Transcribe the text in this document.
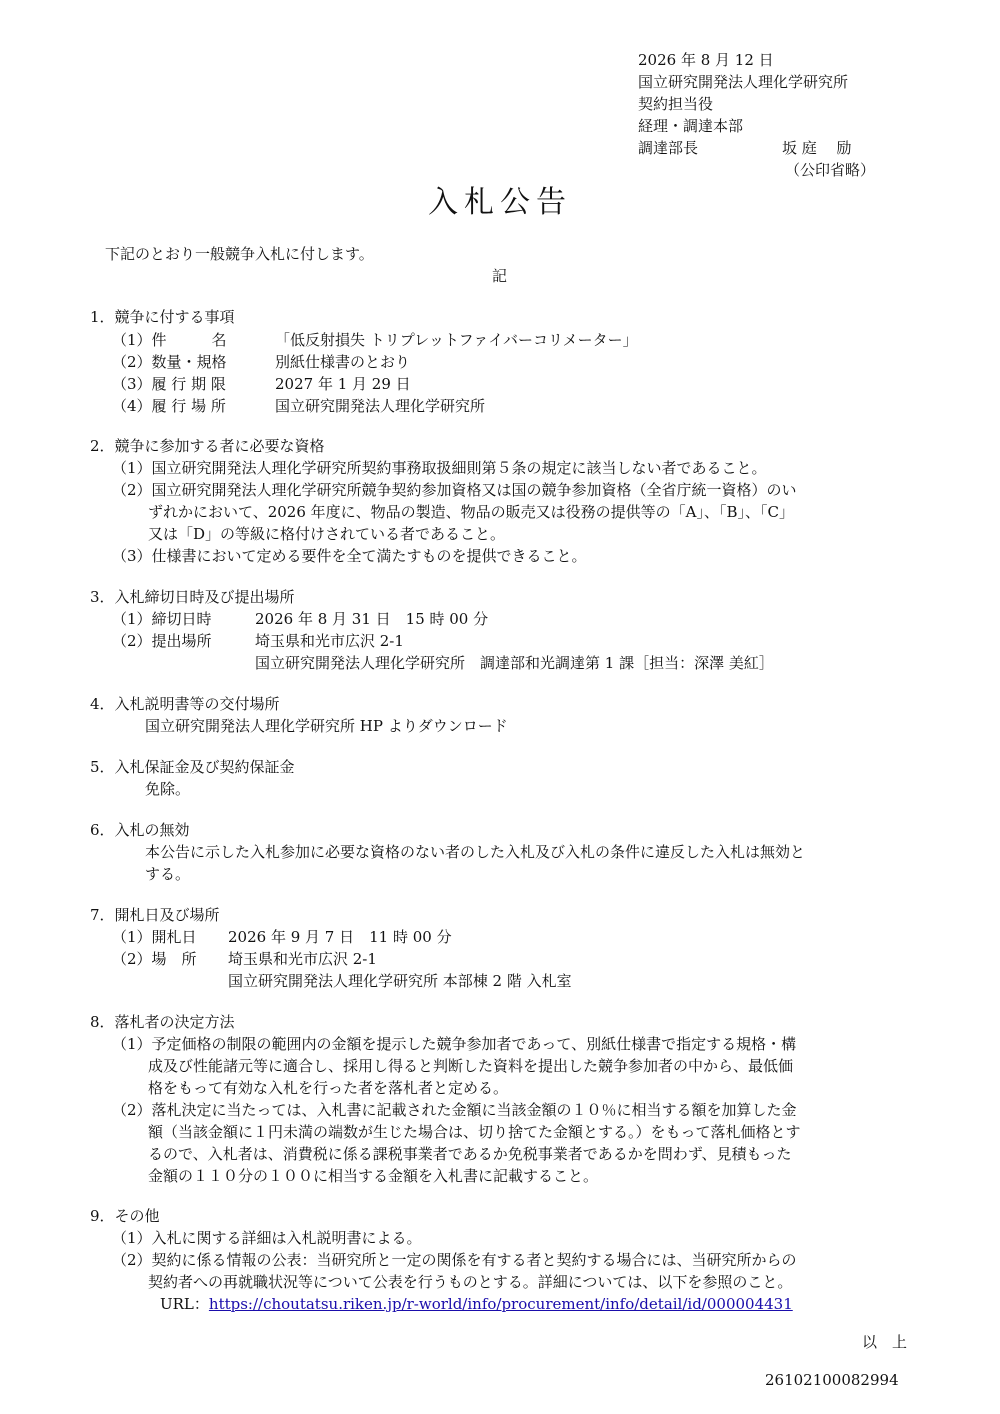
2026 年 8 月 12 日
国立研究開発法人理化学研究所
契約担当役
経理・調達本部
調達部長	坂 庭　 励
（公印省略）
入札公告
下記のとおり一般競争入札に付します。
記
1．競争に付する事項
（1）件　　　名	「低反射損失 トリプレットファイバーコリメーター」
（2）数量・規格	別紙仕様書のとおり
（3）履 行 期 限	2027 年 1 月 29 日
（4）履 行 場 所	国立研究開発法人理化学研究所
2．競争に参加する者に必要な資格
（1）国立研究開発法人理化学研究所契約事務取扱細則第５条の規定に該当しない者であること。
（2）国立研究開発法人理化学研究所競争契約参加資格又は国の競争参加資格（全省庁統一資格）のい
ずれかにおいて、2026 年度に、物品の製造、物品の販売又は役務の提供等の「A」、「B」、「C」
又は「D」の等級に格付けされている者であること。
（3）仕様書において定める要件を全て満たすものを提供できること。
3．入札締切日時及び提出場所
（1）締切日時	2026 年 8 月 31 日　15 時 00 分
（2）提出場所	埼玉県和光市広沢 2-1
国立研究開発法人理化学研究所　調達部和光調達第 1 課［担当：深澤 美紅］
4．入札説明書等の交付場所
国立研究開発法人理化学研究所 HP よりダウンロード
5．入札保証金及び契約保証金
免除。
6．入札の無効
本公告に示した入札参加に必要な資格のない者のした入札及び入札の条件に違反した入札は無効と
する。
7．開札日及び場所
（1）開札日 2026 年 9 月 7 日　11 時 00 分
（2）場　所 埼玉県和光市広沢 2-1
国立研究開発法人理化学研究所 本部棟 2 階 入札室
8．落札者の決定方法
（1）予定価格の制限の範囲内の金額を提示した競争参加者であって、別紙仕様書で指定する規格・構
成及び性能諸元等に適合し、採用し得ると判断した資料を提出した競争参加者の中から、最低価
格をもって有効な入札を行った者を落札者と定める。
（2）落札決定に当たっては、入札書に記載された金額に当該金額の１０％に相当する額を加算した金
額（当該金額に１円未満の端数が生じた場合は、切り捨てた金額とする。）をもって落札価格とす
るので、入札者は、消費税に係る課税事業者であるか免税事業者であるかを問わず、見積もった
金額の１１０分の１００に相当する金額を入札書に記載すること。
9．その他
（1）入札に関する詳細は入札説明書による。
（2）契約に係る情報の公表：当研究所と一定の関係を有する者と契約する場合には、当研究所からの
契約者への再就職状況等について公表を行うものとする。詳細については、以下を参照のこと。
URL：https://choutatsu.riken.jp/r-world/info/procurement/info/detail/id/000004431
以　上
26102100082994
